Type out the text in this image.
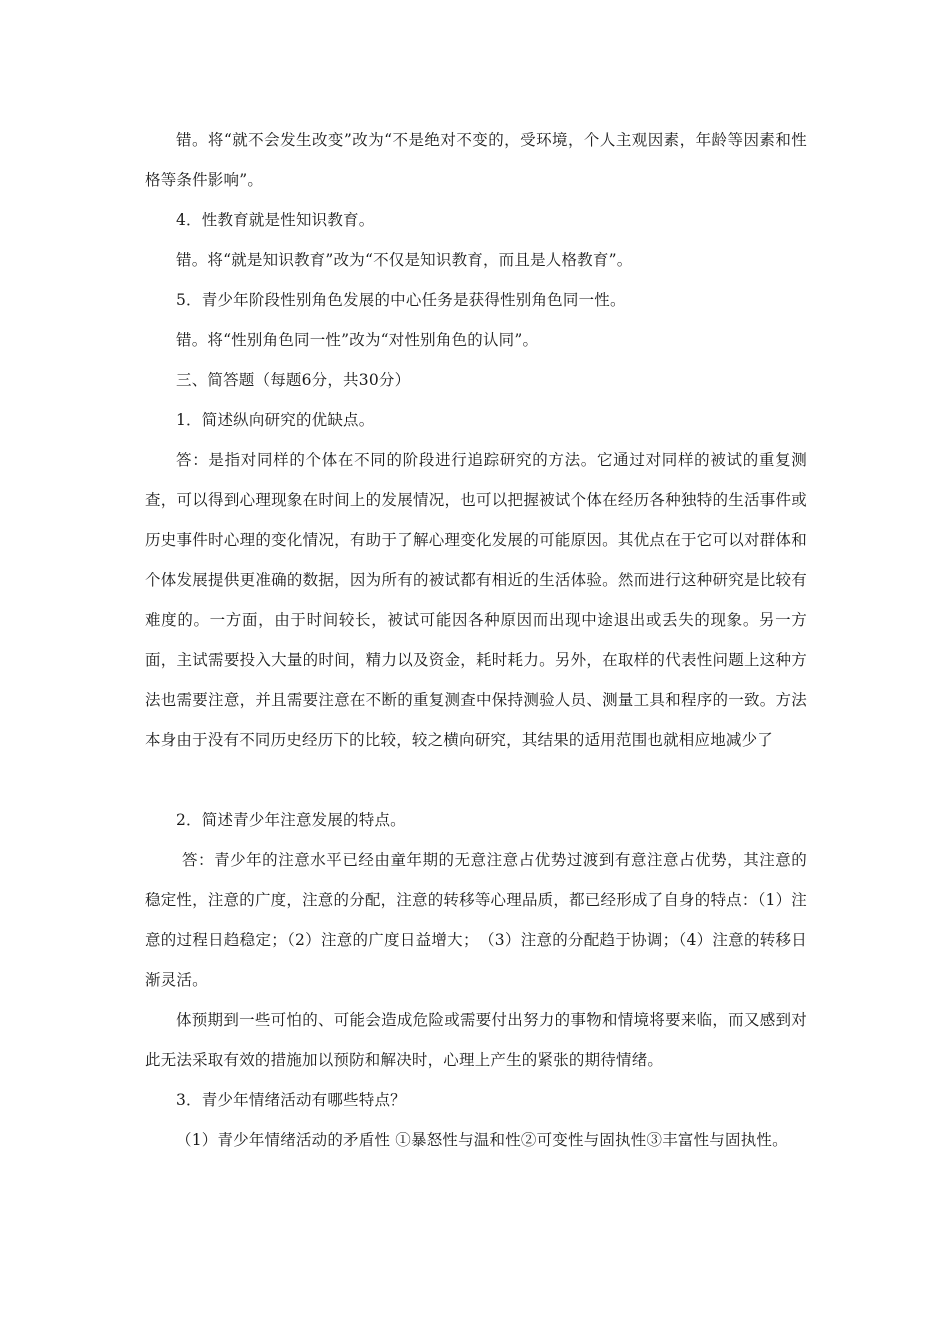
错。将“就不会发生改变”改为“不是绝对不变的，受环境，个人主观因素，年龄等因素和性格等条件影响”。

4．性教育就是性知识教育。

错。将“就是知识教育”改为“不仅是知识教育，而且是人格教育”。

5．青少年阶段性别角色发展的中心任务是获得性别角色同一性。

错。将“性别角色同一性”改为“对性别角色的认同”。

三、简答题（每题6分，共30分）

1．简述纵向研究的优缺点。

答：是指对同样的个体在不同的阶段进行追踪研究的方法。它通过对同样的被试的重复测查，可以得到心理现象在时间上的发展情况，也可以把握被试个体在经历各种独特的生活事件或历史事件时心理的变化情况，有助于了解心理变化发展的可能原因。其优点在于它可以对群体和个体发展提供更准确的数据，因为所有的被试都有相近的生活体验。然而进行这种研究是比较有难度的。一方面，由于时间较长，被试可能因各种原因而出现中途退出或丢失的现象。另一方面，主试需要投入大量的时间，精力以及资金，耗时耗力。另外，在取样的代表性问题上这种方法也需要注意，并且需要注意在不断的重复测查中保持测验人员、测量工具和程序的一致。方法本身由于没有不同历史经历下的比较，较之横向研究，其结果的适用范围也就相应地减少了

2．简述青少年注意发展的特点。

答：青少年的注意水平已经由童年期的无意注意占优势过渡到有意注意占优势，其注意的稳定性，注意的广度，注意的分配，注意的转移等心理品质，都已经形成了自身的特点：（1）注意的过程日趋稳定；（2）注意的广度日益增大；　（3）注意的分配趋于协调；（4）注意的转移日渐灵活。

体预期到一些可怕的、可能会造成危险或需要付出努力的事物和情境将要来临，而又感到对此无法采取有效的措施加以预防和解决时，心理上产生的紧张的期待情绪。

3．青少年情绪活动有哪些特点？

（1）青少年情绪活动的矛盾性 ①暴怒性与温和性②可变性与固执性③丰富性与固执性。
